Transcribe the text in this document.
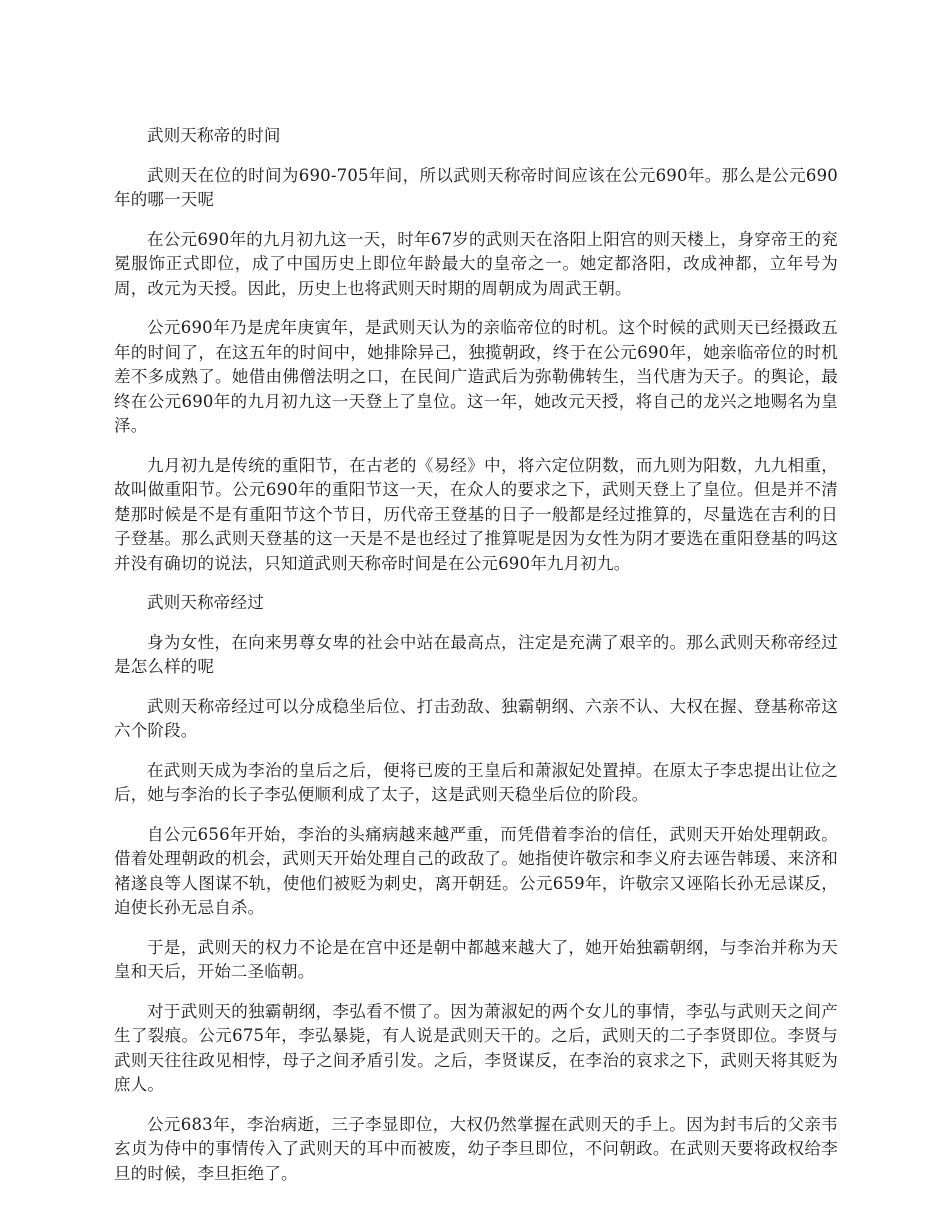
武则天称帝的时间

武则天在位的时间为690-705年间，所以武则天称帝时间应该在公元690年。那么是公元690年的哪一天呢

在公元690年的九月初九这一天，时年67岁的武则天在洛阳上阳宫的则天楼上，身穿帝王的兖冕服饰正式即位，成了中国历史上即位年龄最大的皇帝之一。她定都洛阳，改成神都，立年号为周，改元为天授。因此，历史上也将武则天时期的周朝成为周武王朝。

公元690年乃是虎年庚寅年，是武则天认为的亲临帝位的时机。这个时候的武则天已经摄政五年的时间了，在这五年的时间中，她排除异己，独揽朝政，终于在公元690年，她亲临帝位的时机差不多成熟了。她借由佛僧法明之口，在民间广造武后为弥勒佛转生，当代唐为天子。的舆论，最终在公元690年的九月初九这一天登上了皇位。这一年，她改元天授，将自己的龙兴之地赐名为皇泽。

九月初九是传统的重阳节，在古老的《易经》中，将六定位阴数，而九则为阳数，九九相重，故叫做重阳节。公元690年的重阳节这一天，在众人的要求之下，武则天登上了皇位。但是并不清楚那时候是不是有重阳节这个节日，历代帝王登基的日子一般都是经过推算的，尽量选在吉利的日子登基。那么武则天登基的这一天是不是也经过了推算呢是因为女性为阴才要选在重阳登基的吗这并没有确切的说法，只知道武则天称帝时间是在公元690年九月初九。

武则天称帝经过

身为女性，在向来男尊女卑的社会中站在最高点，注定是充满了艰辛的。那么武则天称帝经过是怎么样的呢

武则天称帝经过可以分成稳坐后位、打击劲敌、独霸朝纲、六亲不认、大权在握、登基称帝这六个阶段。

在武则天成为李治的皇后之后，便将已废的王皇后和萧淑妃处置掉。在原太子李忠提出让位之后，她与李治的长子李弘便顺利成了太子，这是武则天稳坐后位的阶段。

自公元656年开始，李治的头痛病越来越严重，而凭借着李治的信任，武则天开始处理朝政。借着处理朝政的机会，武则天开始处理自己的政敌了。她指使许敬宗和李义府去诬告韩瑗、来济和褚遂良等人图谋不轨，使他们被贬为刺史，离开朝廷。公元659年，许敬宗又诬陷长孙无忌谋反，迫使长孙无忌自杀。

于是，武则天的权力不论是在宫中还是朝中都越来越大了，她开始独霸朝纲，与李治并称为天皇和天后，开始二圣临朝。

对于武则天的独霸朝纲，李弘看不惯了。因为萧淑妃的两个女儿的事情，李弘与武则天之间产生了裂痕。公元675年，李弘暴毙，有人说是武则天干的。之后，武则天的二子李贤即位。李贤与武则天往往政见相悖，母子之间矛盾引发。之后，李贤谋反，在李治的哀求之下，武则天将其贬为庶人。

公元683年，李治病逝，三子李显即位，大权仍然掌握在武则天的手上。因为封韦后的父亲韦玄贞为侍中的事情传入了武则天的耳中而被废，幼子李旦即位，不问朝政。在武则天要将政权给李旦的时候，李旦拒绝了。
